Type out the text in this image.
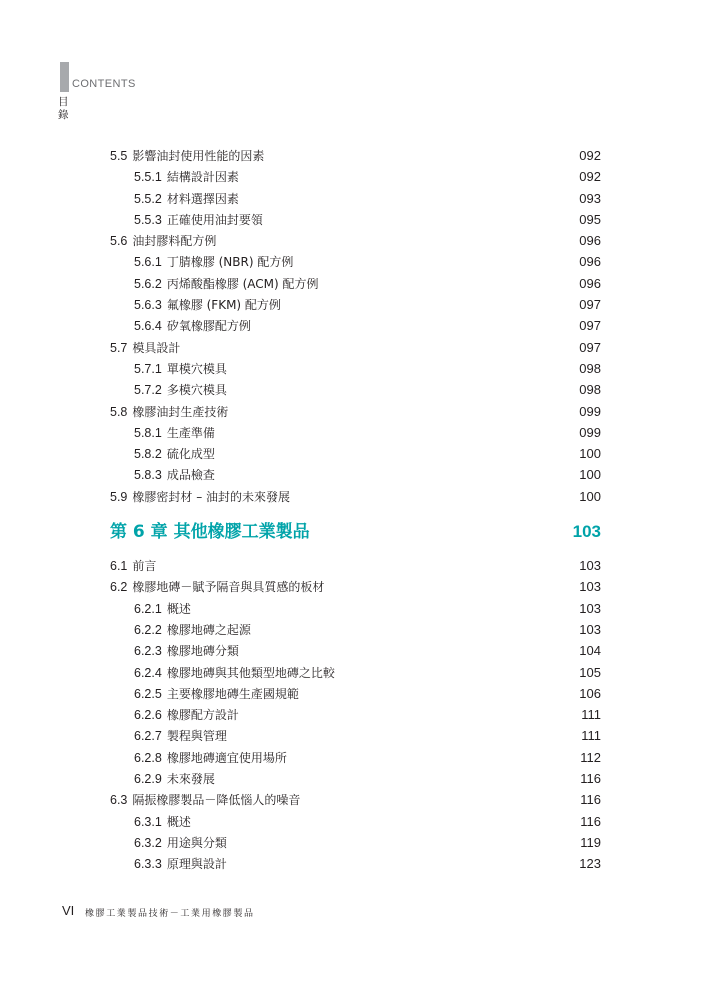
CONTENTS
目
錄
5.5 影響油封使用性能的因素	092
5.5.1 結構設計因素	092
5.5.2 材料選擇因素	093
5.5.3 正確使用油封要領	095
5.6 油封膠料配方例	096
5.6.1 丁腈橡膠 (NBR) 配方例	096
5.6.2 丙烯酸酯橡膠 (ACM) 配方例	096
5.6.3 氟橡膠 (FKM) 配方例	097
5.6.4 矽氧橡膠配方例	097
5.7 模具設計	097
5.7.1 單模穴模具	098
5.7.2 多模穴模具	098
5.8 橡膠油封生產技術	099
5.8.1 生產準備	099
5.8.2 硫化成型	100
5.8.3 成品檢查	100
5.9 橡膠密封材 – 油封的未來發展	100
第 6 章 其他橡膠工業製品	103
6.1 前言	103
6.2 橡膠地磚－賦予隔音與具質感的板材	103
6.2.1 概述	103
6.2.2 橡膠地磚之起源	103
6.2.3 橡膠地磚分類	104
6.2.4 橡膠地磚與其他類型地磚之比較	105
6.2.5 主要橡膠地磚生產國規範	106
6.2.6 橡膠配方設計	111
6.2.7 製程與管理	111
6.2.8 橡膠地磚適宜使用場所	112
6.2.9 未來發展	116
6.3 隔振橡膠製品－降低惱人的噪音	116
6.3.1 概述	116
6.3.2 用途與分類	119
6.3.3 原理與設計	123
VI 橡膠工業製品技術－工業用橡膠製品
